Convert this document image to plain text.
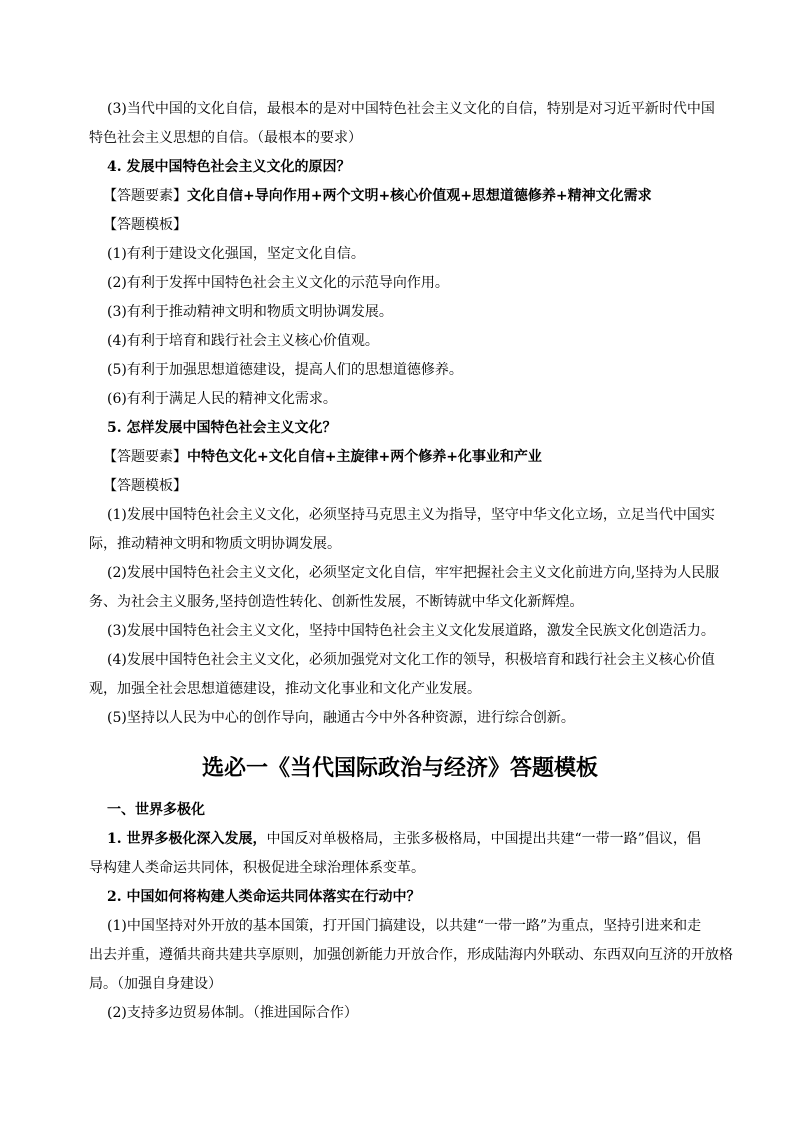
(3)当代中国的文化自信，最根本的是对中国特色社会主义文化的自信，特别是对习近平新时代中国
特色社会主义思想的自信。（最根本的要求）
4. 发展中国特色社会主义文化的原因？
【答题要素】文化自信+导向作用+两个文明+核心价值观+思想道德修养+精神文化需求
【答题模板】
(1)有利于建设文化强国，坚定文化自信。
(2)有利于发挥中国特色社会主义文化的示范导向作用。
(3)有利于推动精神文明和物质文明协调发展。
(4)有利于培育和践行社会主义核心价值观。
(5)有利于加强思想道德建设，提高人们的思想道德修养。
(6)有利于满足人民的精神文化需求。
5. 怎样发展中国特色社会主义文化？
【答题要素】中特色文化+文化自信+主旋律+两个修养+化事业和产业
【答题模板】
(1)发展中国特色社会主义文化，必须坚持马克思主义为指导，坚守中华文化立场，立足当代中国实
际，推动精神文明和物质文明协调发展。
(2)发展中国特色社会主义文化，必须坚定文化自信，牢牢把握社会主义文化前进方向,坚持为人民服
务、为社会主义服务,坚持创造性转化、创新性发展，不断铸就中华文化新辉煌。
(3)发展中国特色社会主义文化，坚持中国特色社会主义文化发展道路，激发全民族文化创造活力。
(4)发展中国特色社会主义文化，必须加强党对文化工作的领导，积极培育和践行社会主义核心价值
观，加强全社会思想道德建设，推动文化事业和文化产业发展。
(5)坚持以人民为中心的创作导向，融通古今中外各种资源，进行综合创新。
选必一《当代国际政治与经济》答题模板
一、世界多极化
1. 世界多极化深入发展，中国反对单极格局，主张多极格局，中国提出共建“一带一路”倡议，倡
导构建人类命运共同体，积极促进全球治理体系变革。
2. 中国如何将构建人类命运共同体落实在行动中？
(1)中国坚持对外开放的基本国策，打开国门搞建设，以共建“一带一路”为重点，坚持引进来和走
出去并重，遵循共商共建共享原则，加强创新能力开放合作，形成陆海内外联动、东西双向互济的开放格
局。（加强自身建设）
(2)支持多边贸易体制。（推进国际合作）
